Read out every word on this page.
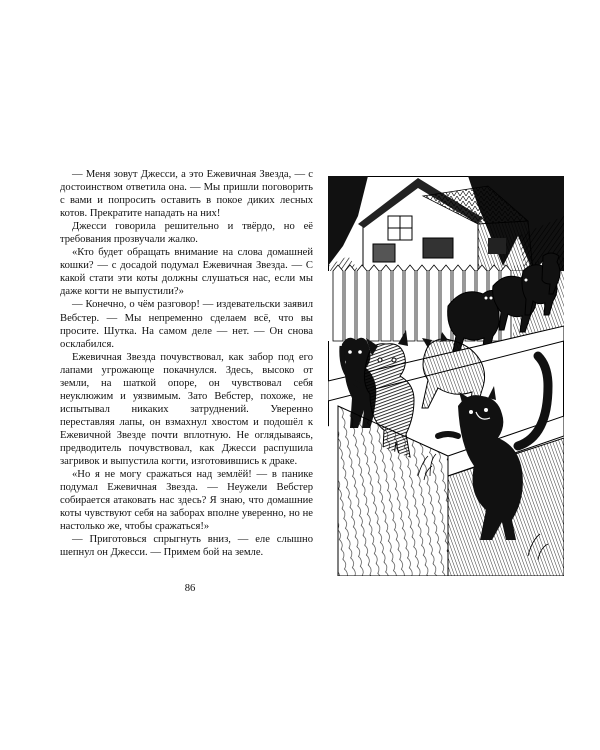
— Меня зовут Джесси, а это Ежевичная Звезда, — с достоинством ответила она. — Мы пришли поговорить с вами и попросить оставить в покое диких лесных котов. Прекратите нападать на них!

Джесси говорила решительно и твёрдо, но её требования прозвучали жалко.

«Кто будет обращать внимание на слова домашней кошки? — с досадой подумал Ежевичная Звезда. — С какой стати эти коты должны слушаться нас, если мы даже когти не выпустили?»

— Конечно, о чём разговор! — издевательски заявил Вебстер. — Мы непременно сделаем всё, что вы просите. Шутка. На самом деле — нет. — Он снова осклабился.

Ежевичная Звезда почувствовал, как забор под его лапами угрожающе покачнулся. Здесь, высоко от земли, на шаткой опоре, он чувствовал себя неуклюжим и уязвимым. Зато Вебстер, похоже, не испытывал никаких затруднений. Уверенно переставляя лапы, он взмахнул хвостом и подошёл к Ежевичной Звезде почти вплотную. Не оглядываясь, предводитель почувствовал, как Джесси распушила загривок и выпустила когти, изготовившись к драке.

«Но я не могу сражаться над землёй! — в панике подумал Ежевичная Звезда. — Неужели Вебстер собирается атаковать нас здесь? Я знаю, что домашние коты чувствуют себя на заборах вполне уверенно, но не настолько же, чтобы сражаться!»

— Приготовься спрыгнуть вниз, — еле слышно шепнул он Джесси. — Примем бой на земле.

86
